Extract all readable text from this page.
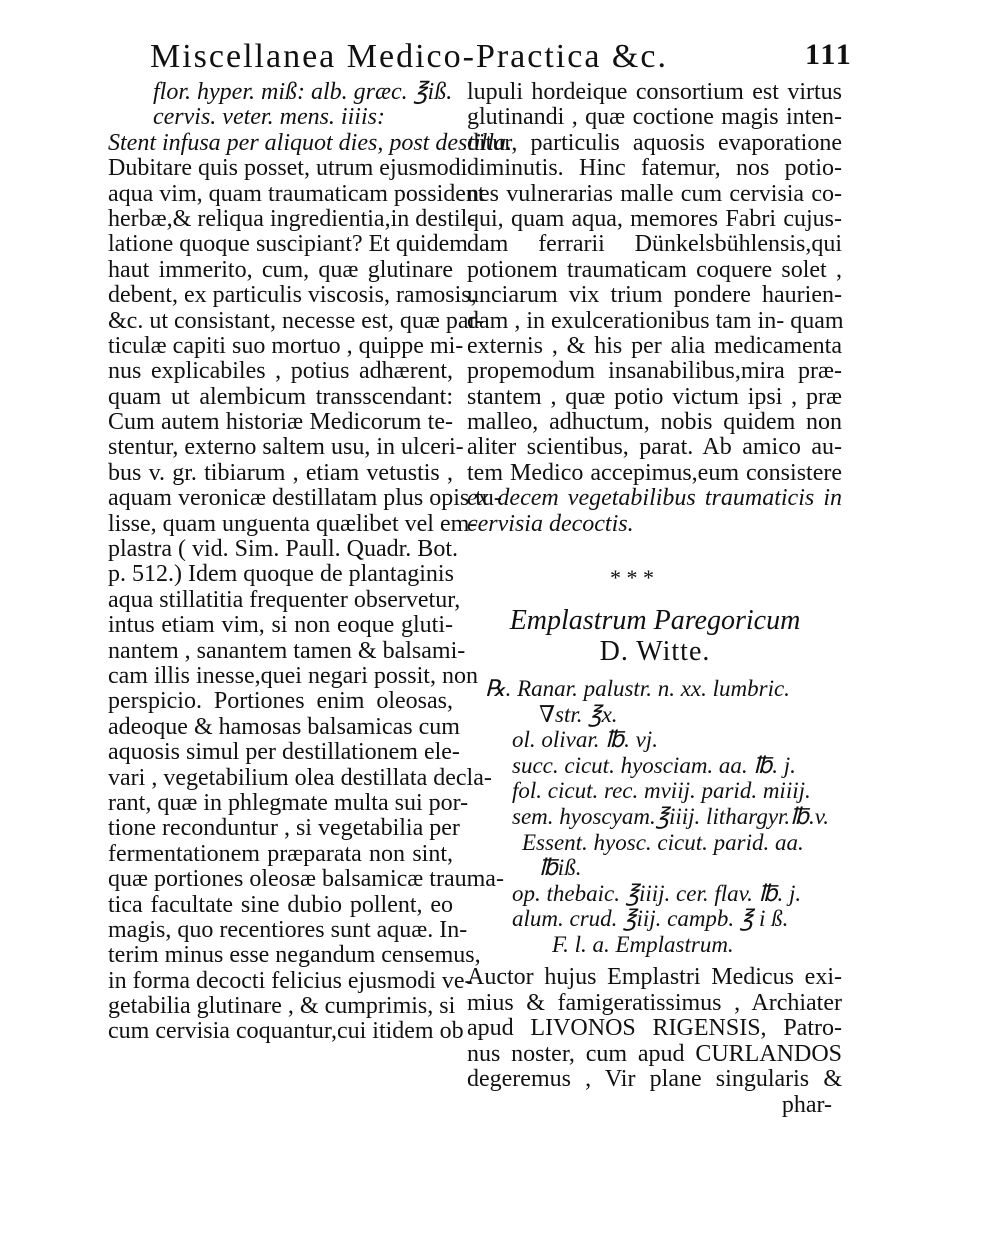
Miscellanea Medico-Practica &c.	111
flor. hyper. miß: alb. græc. ℥iß.
cervis. veter. mens. iiiis:
Stent infusa per aliquot dies, post destilla.
Dubitare quis posset, utrum ejusmodi
aqua vim, quam traumaticam possident
herbæ,& reliqua ingredientia,in destil-
latione quoque suscipiant? Et quidem
haut immerito, cum, quæ glutinare
debent, ex particulis viscosis, ramosis,
&c. ut consistant, necesse est, quæ par-
ticulæ capiti suo mortuo , quippe mi-
nus explicabiles , potius adhærent,
quam ut alembicum transscendant:
Cum autem historiæ Medicorum te-
stentur, externo saltem usu, in ulceri-
bus v. gr. tibiarum , etiam vetustis ,
aquam veronicæ destillatam plus opis tu-
lisse, quam unguenta quælibet vel em-
plastra ( vid. Sim. Paull. Quadr. Bot.
p. 512.) Idem quoque de plantaginis
aqua stillatitia frequenter observetur,
intus etiam vim, si non eoque gluti-
nantem , sanantem tamen & balsami-
cam illis inesse,quei negari possit, non
perspicio. Portiones enim oleosas,
adeoque & hamosas balsamicas cum
aquosis simul per destillationem ele-
vari , vegetabilium olea destillata decla-
rant, quæ in phlegmate multa sui por-
tione reconduntur , si vegetabilia per
fermentationem præparata non sint,
quæ portiones oleosæ balsamicæ trauma-
tica facultate sine dubio pollent, eo
magis, quo recentiores sunt aquæ. In-
terim minus esse negandum censemus,
in forma decocti felicius ejusmodi ve-
getabilia glutinare , & cumprimis, si
cum cervisia coquantur,cui itidem ob
lupuli hordeique consortium est virtus
glutinandi , quæ coctione magis inten-
ditur, particulis aquosis evaporatione
diminutis. Hinc fatemur, nos potio-
nes vulnerarias malle cum cervisia co-
qui, quam aqua, memores Fabri cujus-
dam ferrarii Dünkelsbühlensis,qui
potionem traumaticam coquere solet ,
unciarum vix trium pondere haurien-
dam , in exulcerationibus tam in- quam
externis , & his per alia medicamenta
propemodum insanabilibus,mira præ-
stantem , quæ potio victum ipsi , præ
malleo, adhuctum, nobis quidem non
aliter scientibus, parat. Ab amico au-
tem Medico accepimus,eum consistere
ex decem vegetabilibus traumaticis in
cervisia decoctis.
* * *
Emplastrum Paregoricum
D. Witte.
℞. Ranar. palustr. n. xx. lumbric.
∇str. ℥x.
ol. olivar. ℔. vj.
succ. cicut. hyosciam. aa. ℔. j.
fol. cicut. rec. mviij. parid. miiij.
sem. hyoscyam.℥iiij. lithargyr.℔.v.
Essent. hyosc. cicut. parid. aa.
℔iß.
op. thebaic. ℥iiij. cer. flav. ℔. j.
alum. crud. ℥iij. campb. ℥ i ß.
F. l. a. Emplastrum.
Auctor hujus Emplastri Medicus exi-
mius & famigeratissimus , Archiater
apud LIVONOS RIGENSIS, Patro-
nus noster, cum apud CURLANDOS
degeremus , Vir plane singularis &
phar-
